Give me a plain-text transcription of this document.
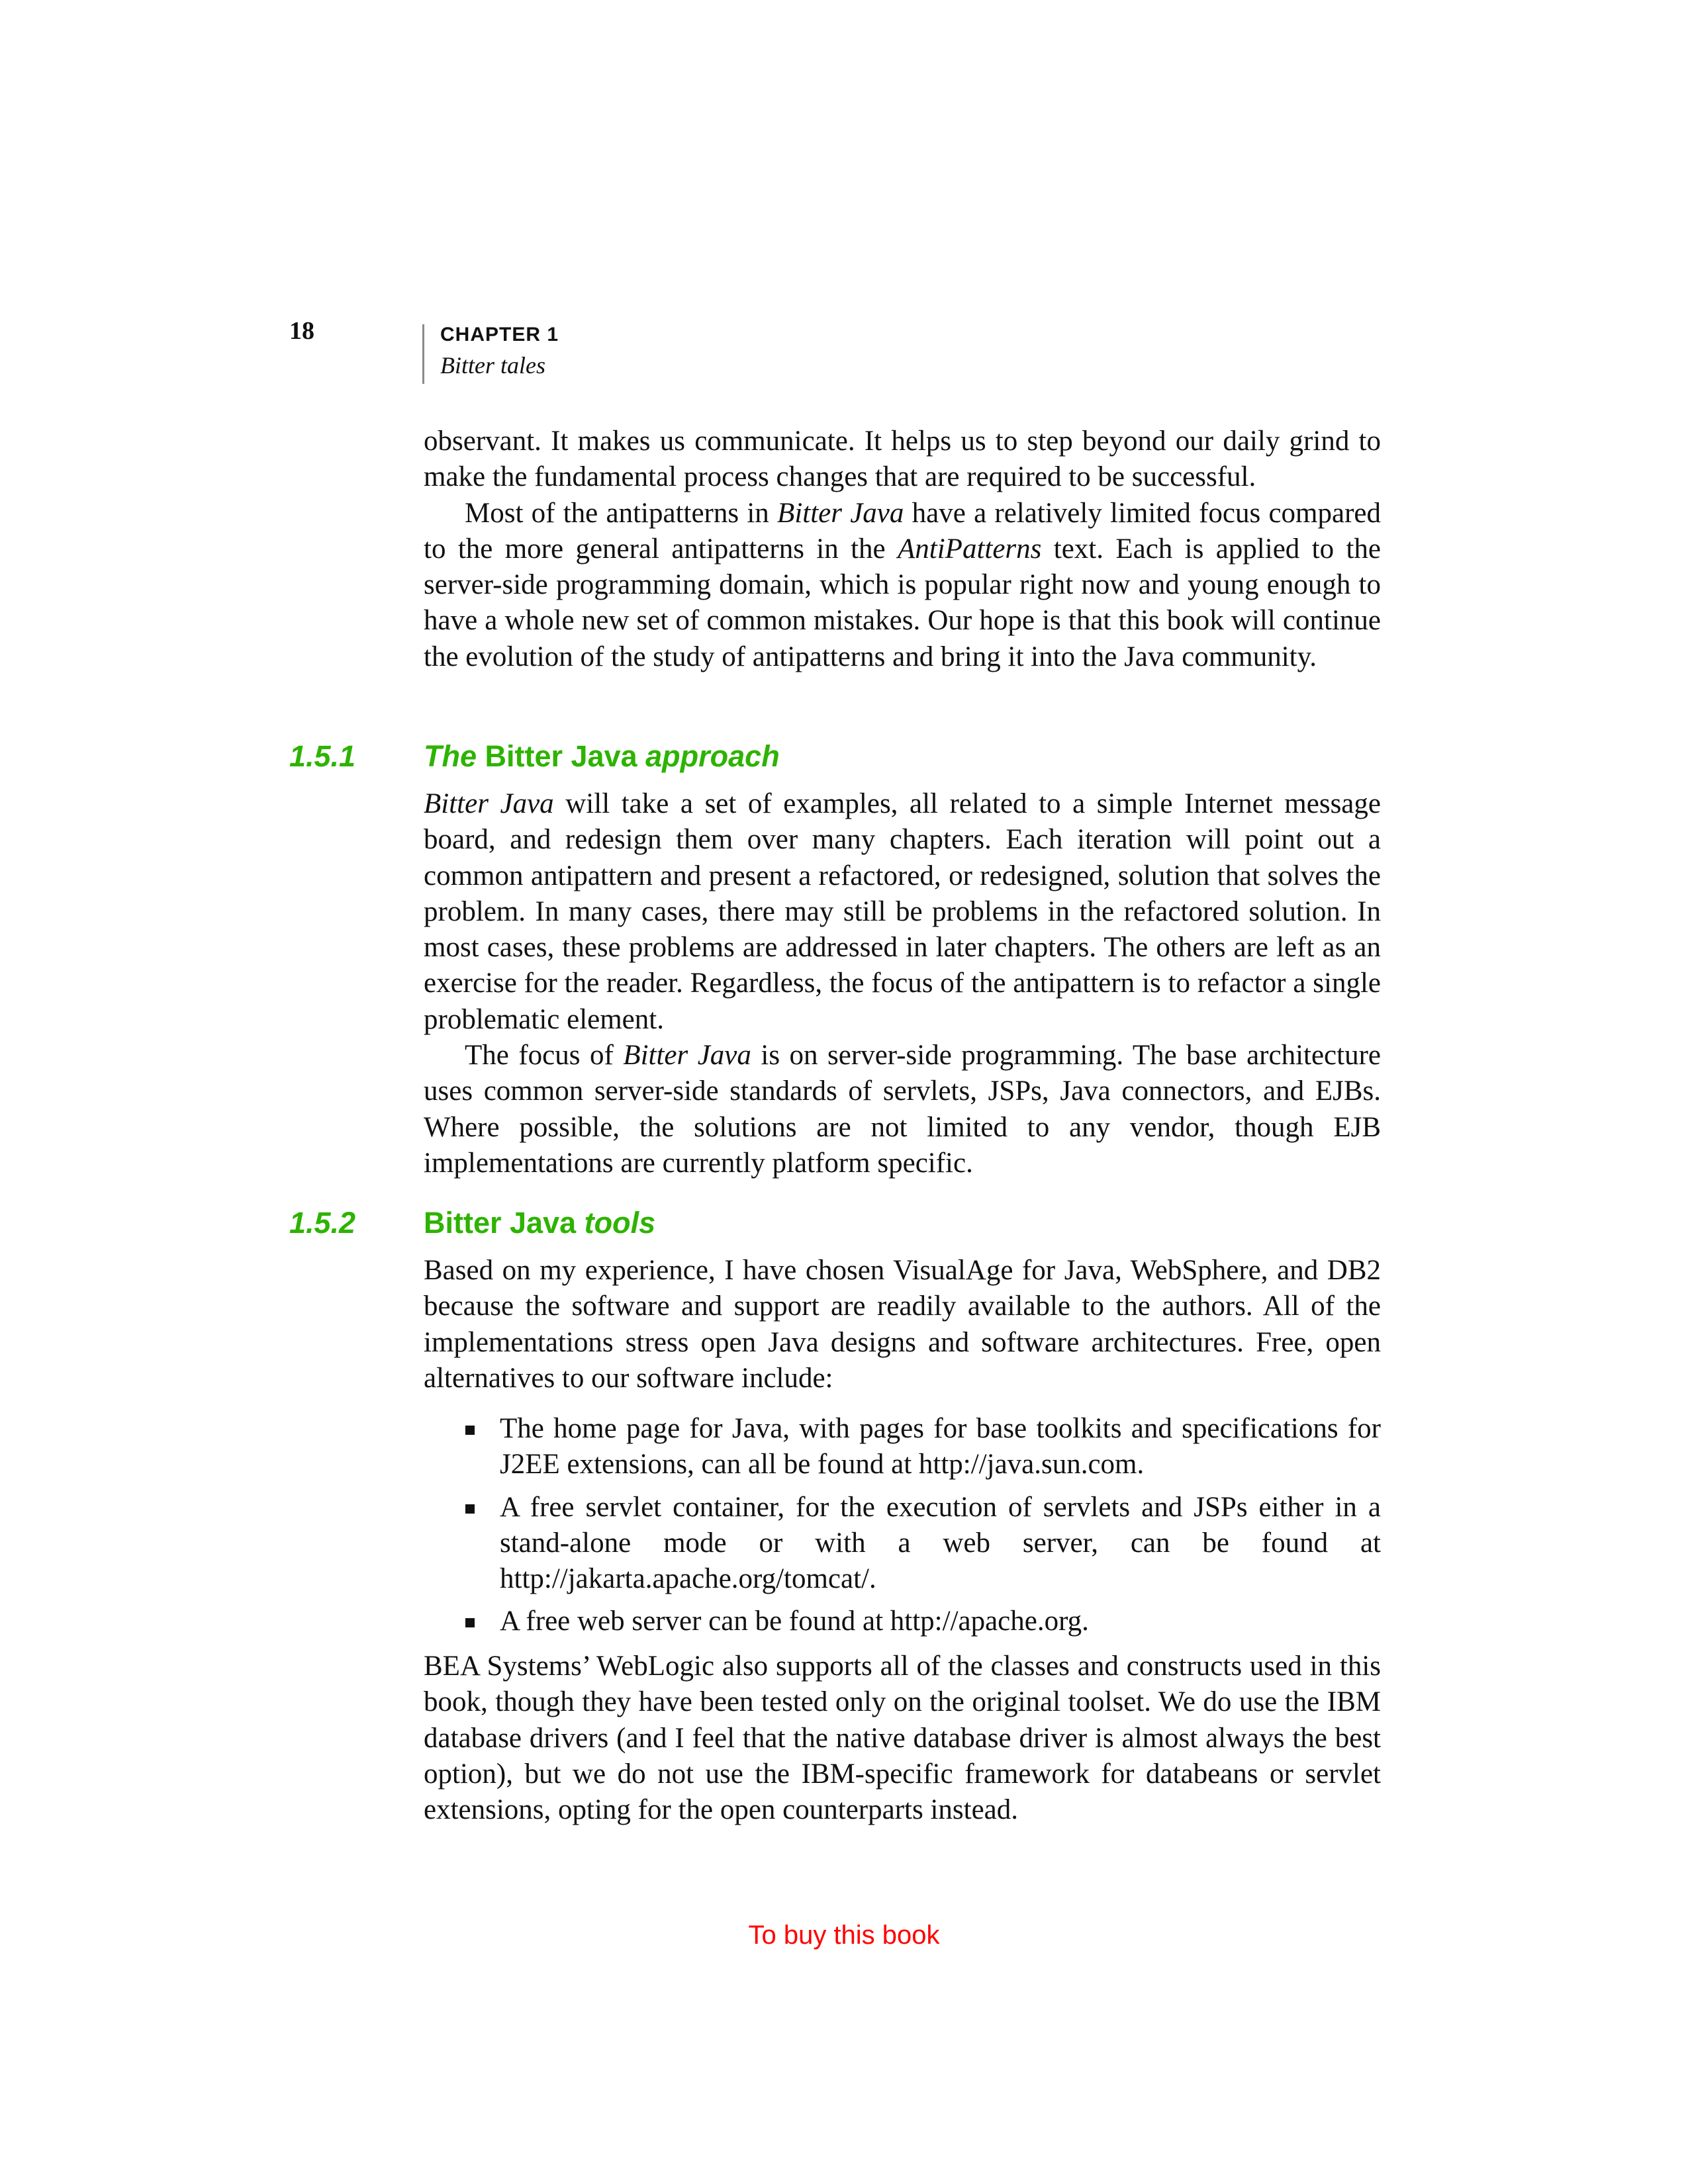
18	CHAPTER 1
Bitter tales

observant. It makes us communicate. It helps us to step beyond our daily grind to make the fundamental process changes that are required to be successful.

Most of the antipatterns in Bitter Java have a relatively limited focus compared to the more general antipatterns in the AntiPatterns text. Each is applied to the server-side programming domain, which is popular right now and young enough to have a whole new set of common mistakes. Our hope is that this book will continue the evolution of the study of antipatterns and bring it into the Java community.

1.5.1 The Bitter Java approach

Bitter Java will take a set of examples, all related to a simple Internet message board, and redesign them over many chapters. Each iteration will point out a common antipattern and present a refactored, or redesigned, solution that solves the problem. In many cases, there may still be problems in the refactored solution. In most cases, these problems are addressed in later chapters. The others are left as an exercise for the reader. Regardless, the focus of the antipattern is to refactor a single problematic element.

The focus of Bitter Java is on server-side programming. The base architecture uses common server-side standards of servlets, JSPs, Java connectors, and EJBs. Where possible, the solutions are not limited to any vendor, though EJB implementations are currently platform specific.

1.5.2 Bitter Java tools

Based on my experience, I have chosen VisualAge for Java, WebSphere, and DB2 because the software and support are readily available to the authors. All of the implementations stress open Java designs and software architectures. Free, open alternatives to our software include:

The home page for Java, with pages for base toolkits and specifications for J2EE extensions, can all be found at http://java.sun.com.
A free servlet container, for the execution of servlets and JSPs either in a stand-alone mode or with a web server, can be found at http://jakarta.apache.org/tomcat/.
A free web server can be found at http://apache.org.

BEA Systems’ WebLogic also supports all of the classes and constructs used in this book, though they have been tested only on the original toolset. We do use the IBM database drivers (and I feel that the native database driver is almost always the best option), but we do not use the IBM-specific framework for databeans or servlet extensions, opting for the open counterparts instead.

To buy this book
